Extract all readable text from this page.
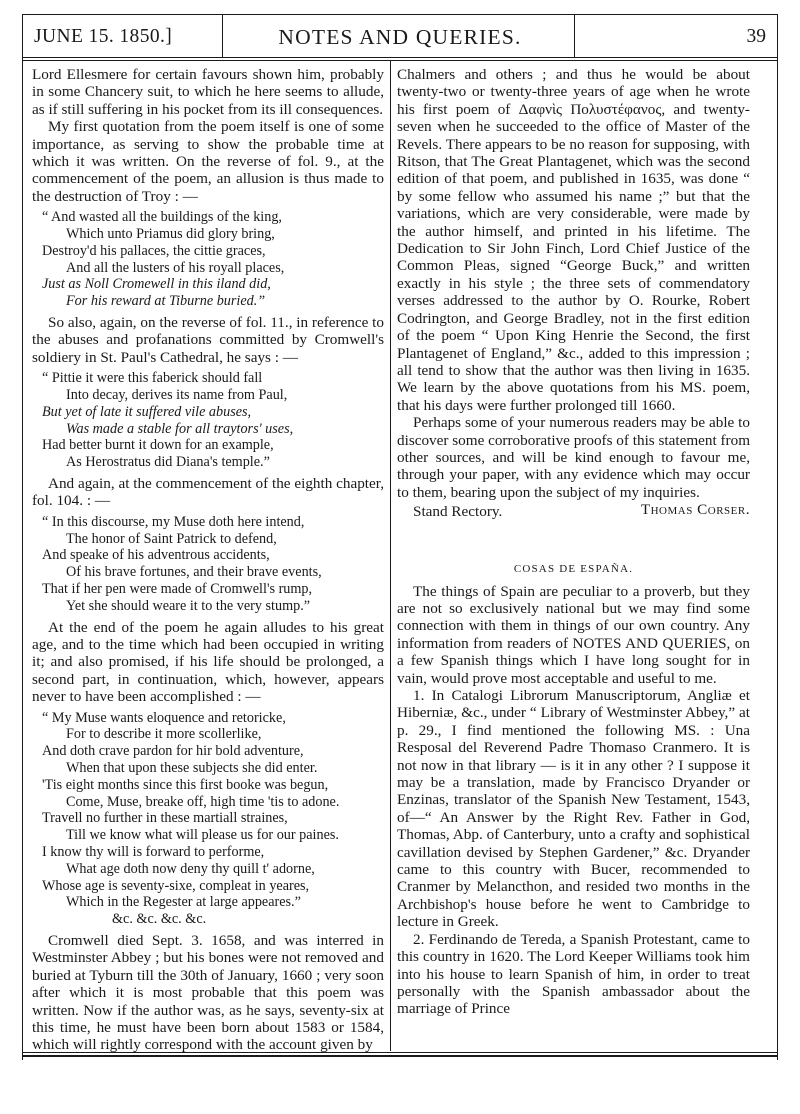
JUNE 15. 1850.]	NOTES AND QUERIES.	39

Lord Ellesmere for certain favours shown him, probably in some Chancery suit, to which he here seems to allude, as if still suffering in his pocket from its ill consequences.

My first quotation from the poem itself is one of some importance, as serving to show the probable time at which it was written. On the reverse of fol. 9., at the commencement of the poem, an allusion is thus made to the destruction of Troy : —

“ And wasted all the buildings of the king,
Which unto Priamus did glory bring,
Destroy'd his pallaces, the cittie graces,
And all the lusters of his royall places,
Just as Noll Cromewell in this iland did,
For his reward at Tiburne buried.”

So also, again, on the reverse of fol. 11., in reference to the abuses and profanations committed by Cromwell's soldiery in St. Paul's Cathedral, he says : —

“ Pittie it were this faberick should fall
Into decay, derives its name from Paul,
But yet of late it suffered vile abuses,
Was made a stable for all traytors' uses,
Had better burnt it down for an example,
As Herostratus did Diana's temple.”

And again, at the commencement of the eighth chapter, fol. 104. : —

“ In this discourse, my Muse doth here intend,
The honor of Saint Patrick to defend,
And speake of his adventrous accidents,
Of his brave fortunes, and their brave events,
That if her pen were made of Cromwell's rump,
Yet she should weare it to the very stump.”

At the end of the poem he again alludes to his great age, and to the time which had been occupied in writing it; and also promised, if his life should be prolonged, a second part, in continuation, which, however, appears never to have been accomplished : —

“ My Muse wants eloquence and retoricke,
For to describe it more scollerlike,
And doth crave pardon for hir bold adventure,
When that upon these subjects she did enter.
'Tis eight months since this first booke was begun,
Come, Muse, breake off, high time 'tis to adone.
Travell no further in these martiall straines,
Till we know what will please us for our paines.
I know thy will is forward to performe,
What age doth now deny thy quill t' adorne,
Whose age is seventy-sixe, compleat in yeares,
Which in the Regester at large appeares.”
&c. &c. &c. &c.

Cromwell died Sept. 3. 1658, and was interred in Westminster Abbey ; but his bones were not removed and buried at Tyburn till the 30th of January, 1660 ; very soon after which it is most probable that this poem was written. Now if the author was, as he says, seventy-six at this time, he must have been born about 1583 or 1584, which will rightly correspond with the account given by

Chalmers and others ; and thus he would be about twenty-two or twenty-three years of age when he wrote his first poem of Δαφνὶς Πολυστέφανος, and twenty-seven when he succeeded to the office of Master of the Revels. There appears to be no reason for supposing, with Ritson, that The Great Plantagenet, which was the second edition of that poem, and published in 1635, was done “ by some fellow who assumed his name ;” but that the variations, which are very considerable, were made by the author himself, and printed in his lifetime. The Dedication to Sir John Finch, Lord Chief Justice of the Common Pleas, signed “George Buck,” and written exactly in his style ; the three sets of commendatory verses addressed to the author by O. Rourke, Robert Codrington, and George Bradley, not in the first edition of the poem “ Upon King Henrie the Second, the first Plantagenet of England,” &c., added to this impression ; all tend to show that the author was then living in 1635. We learn by the above quotations from his MS. poem, that his days were further prolonged till 1660.

Perhaps some of your numerous readers may be able to discover some corroborative proofs of this statement from other sources, and will be kind enough to favour me, through your paper, with any evidence which may occur to them, bearing upon the subject of my inquiries.
Thomas Corser.

Stand Rectory.

COSAS DE ESPAÑA.

The things of Spain are peculiar to a proverb, but they are not so exclusively national but we may find some connection with them in things of our own country. Any information from readers of NOTES AND QUERIES, on a few Spanish things which I have long sought for in vain, would prove most acceptable and useful to me.

1. In Catalogi Librorum Manuscriptorum, Angliæ et Hiberniæ, &c., under “ Library of Westminster Abbey,” at p. 29., I find mentioned the following MS. : Una Resposal del Reverend Padre Thomaso Cranmero. It is not now in that library — is it in any other ? I suppose it may be a translation, made by Francisco Dryander or Enzinas, translator of the Spanish New Testament, 1543, of—“ An Answer by the Right Rev. Father in God, Thomas, Abp. of Canterbury, unto a crafty and sophistical cavillation devised by Stephen Gardener,” &c. Dryander came to this country with Bucer, recommended to Cranmer by Melancthon, and resided two months in the Archbishop's house before he went to Cambridge to lecture in Greek.

2. Ferdinando de Tereda, a Spanish Protestant, came to this country in 1620. The Lord Keeper Williams took him into his house to learn Spanish of him, in order to treat personally with the Spanish ambassador about the marriage of Prince
